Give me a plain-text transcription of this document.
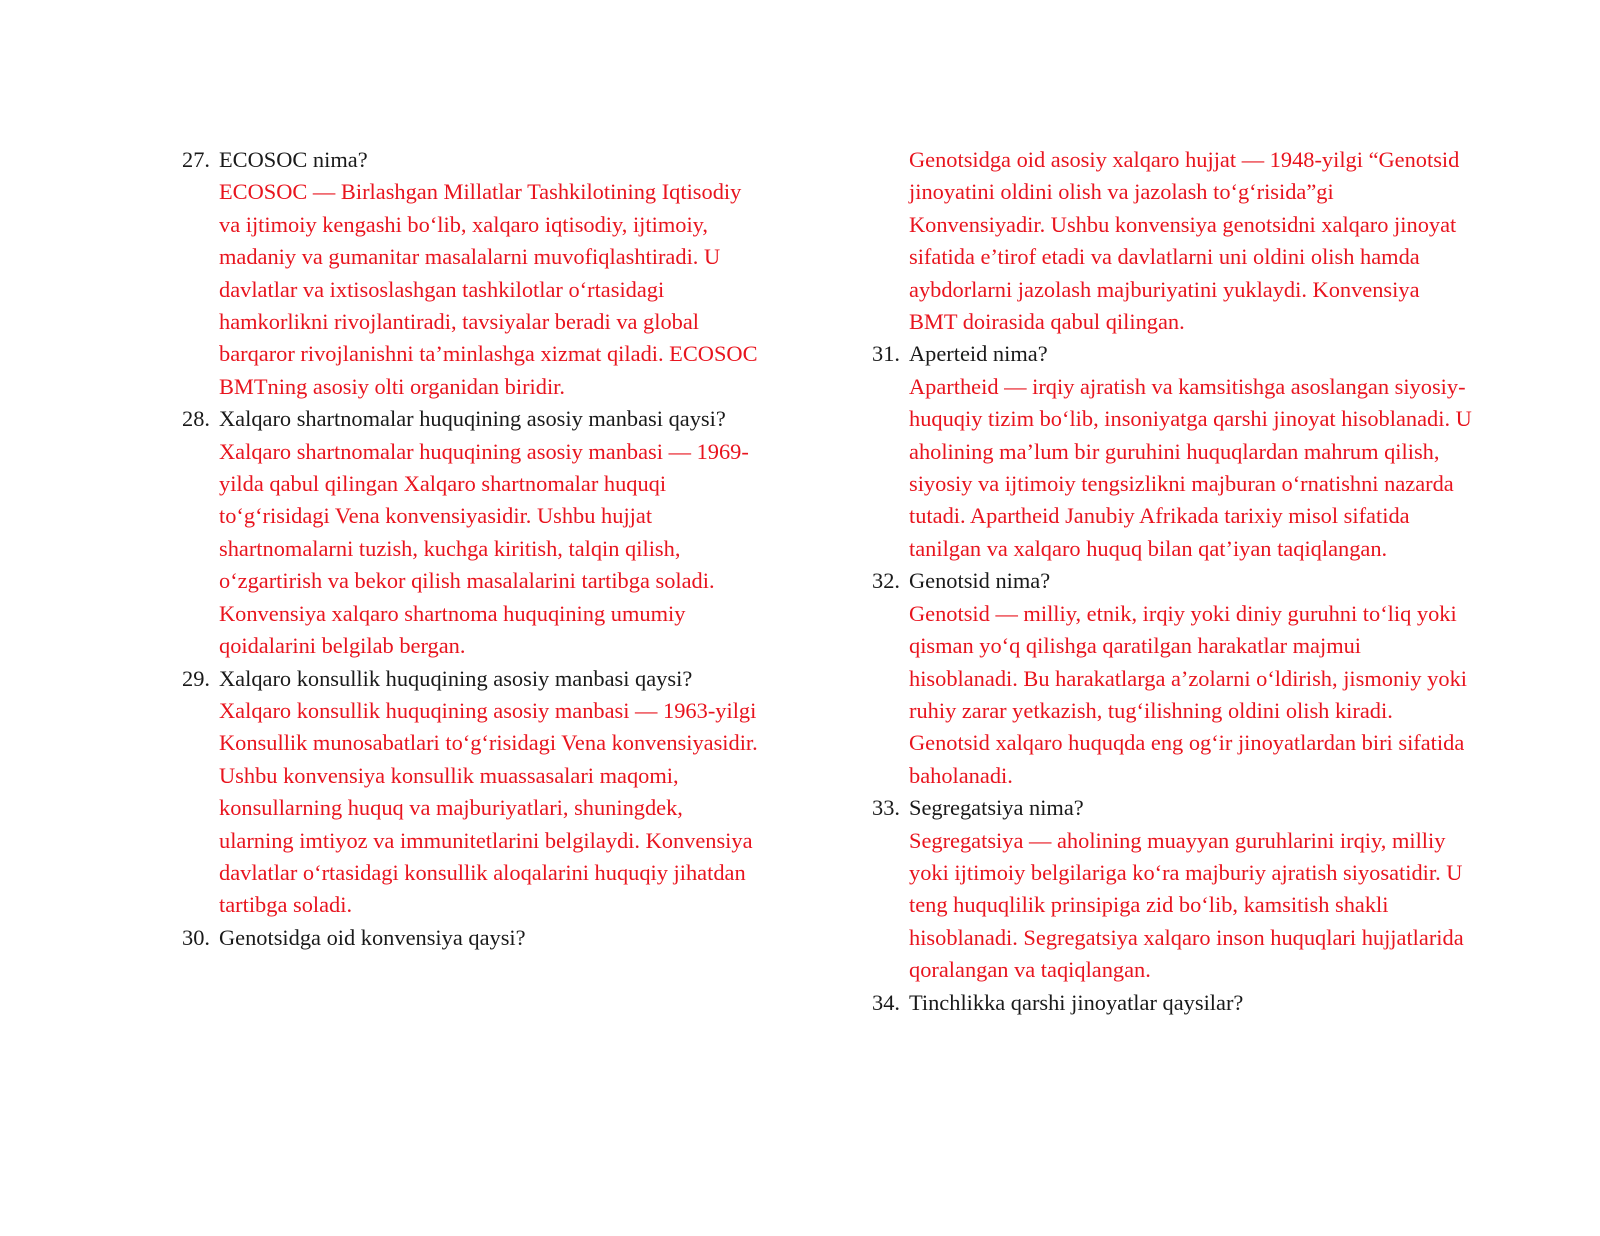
27. ECOSOC nima?
ECOSOC — Birlashgan Millatlar Tashkilotining Iqtisodiy va ijtimoiy kengashi bo‘lib, xalqaro iqtisodiy, ijtimoiy, madaniy va gumanitar masalalarni muvofiqlashtiradi. U davlatlar va ixtisoslashgan tashkilotlar o‘rtasidagi hamkorlikni rivojlantiradi, tavsiyalar beradi va global barqaror rivojlanishni ta’minlashga xizmat qiladi. ECOSOC BMTning asosiy olti organidan biridir.
28. Xalqaro shartnomalar huquqining asosiy manbasi qaysi?
Xalqaro shartnomalar huquqining asosiy manbasi — 1969-yilda qabul qilingan Xalqaro shartnomalar huquqi to‘g‘risidagi Vena konvensiyasidir. Ushbu hujjat shartnomalarni tuzish, kuchga kiritish, talqin qilish, o‘zgartirish va bekor qilish masalalarini tartibga soladi. Konvensiya xalqaro shartnoma huquqining umumiy qoidalarini belgilab bergan.
29. Xalqaro konsullik huquqining asosiy manbasi qaysi?
Xalqaro konsullik huquqining asosiy manbasi — 1963-yilgi Konsullik munosabatlari to‘g‘risidagi Vena konvensiyasidir. Ushbu konvensiya konsullik muassasalari maqomi, konsullarning huquq va majburiyatlari, shuningdek, ularning imtiyoz va immunitetlarini belgilaydi. Konvensiya davlatlar o‘rtasidagi konsullik aloqalarini huquqiy jihatdan tartibga soladi.
30. Genotsidga oid konvensiya qaysi?
Genotsidga oid asosiy xalqaro hujjat — 1948-yilgi “Genotsid jinoyatini oldini olish va jazolash to‘g‘risida”gi Konvensiyadir. Ushbu konvensiya genotsidni xalqaro jinoyat sifatida e’tirof etadi va davlatlarni uni oldini olish hamda aybdorlarni jazolash majburiyatini yuklaydi. Konvensiya BMT doirasida qabul qilingan.
31. Aperteid nima?
Apartheid — irqiy ajratish va kamsitishga asoslangan siyosiy-huquqiy tizim bo‘lib, insoniyatga qarshi jinoyat hisoblanadi. U aholining ma’lum bir guruhini huquqlardan mahrum qilish, siyosiy va ijtimoiy tengsizlikni majburan o‘rnatishni nazarda tutadi. Apartheid Janubiy Afrikada tarixiy misol sifatida tanilgan va xalqaro huquq bilan qat’iyan taqiqlangan.
32. Genotsid nima?
Genotsid — milliy, etnik, irqiy yoki diniy guruhni to‘liq yoki qisman yo‘q qilishga qaratilgan harakatlar majmui hisoblanadi. Bu harakatlarga a’zolarni o‘ldirish, jismoniy yoki ruhiy zarar yetkazish, tug‘ilishning oldini olish kiradi. Genotsid xalqaro huquqda eng og‘ir jinoyatlardan biri sifatida baholanadi.
33. Segregatsiya nima?
Segregatsiya — aholining muayyan guruhlarini irqiy, milliy yoki ijtimoiy belgilariga ko‘ra majburiy ajratish siyosatidir. U teng huquqlilik prinsipiga zid bo‘lib, kamsitish shakli hisoblanadi. Segregatsiya xalqaro inson huquqlari hujjatlarida qoralangan va taqiqlangan.
34. Tinchlikka qarshi jinoyatlar qaysilar?
